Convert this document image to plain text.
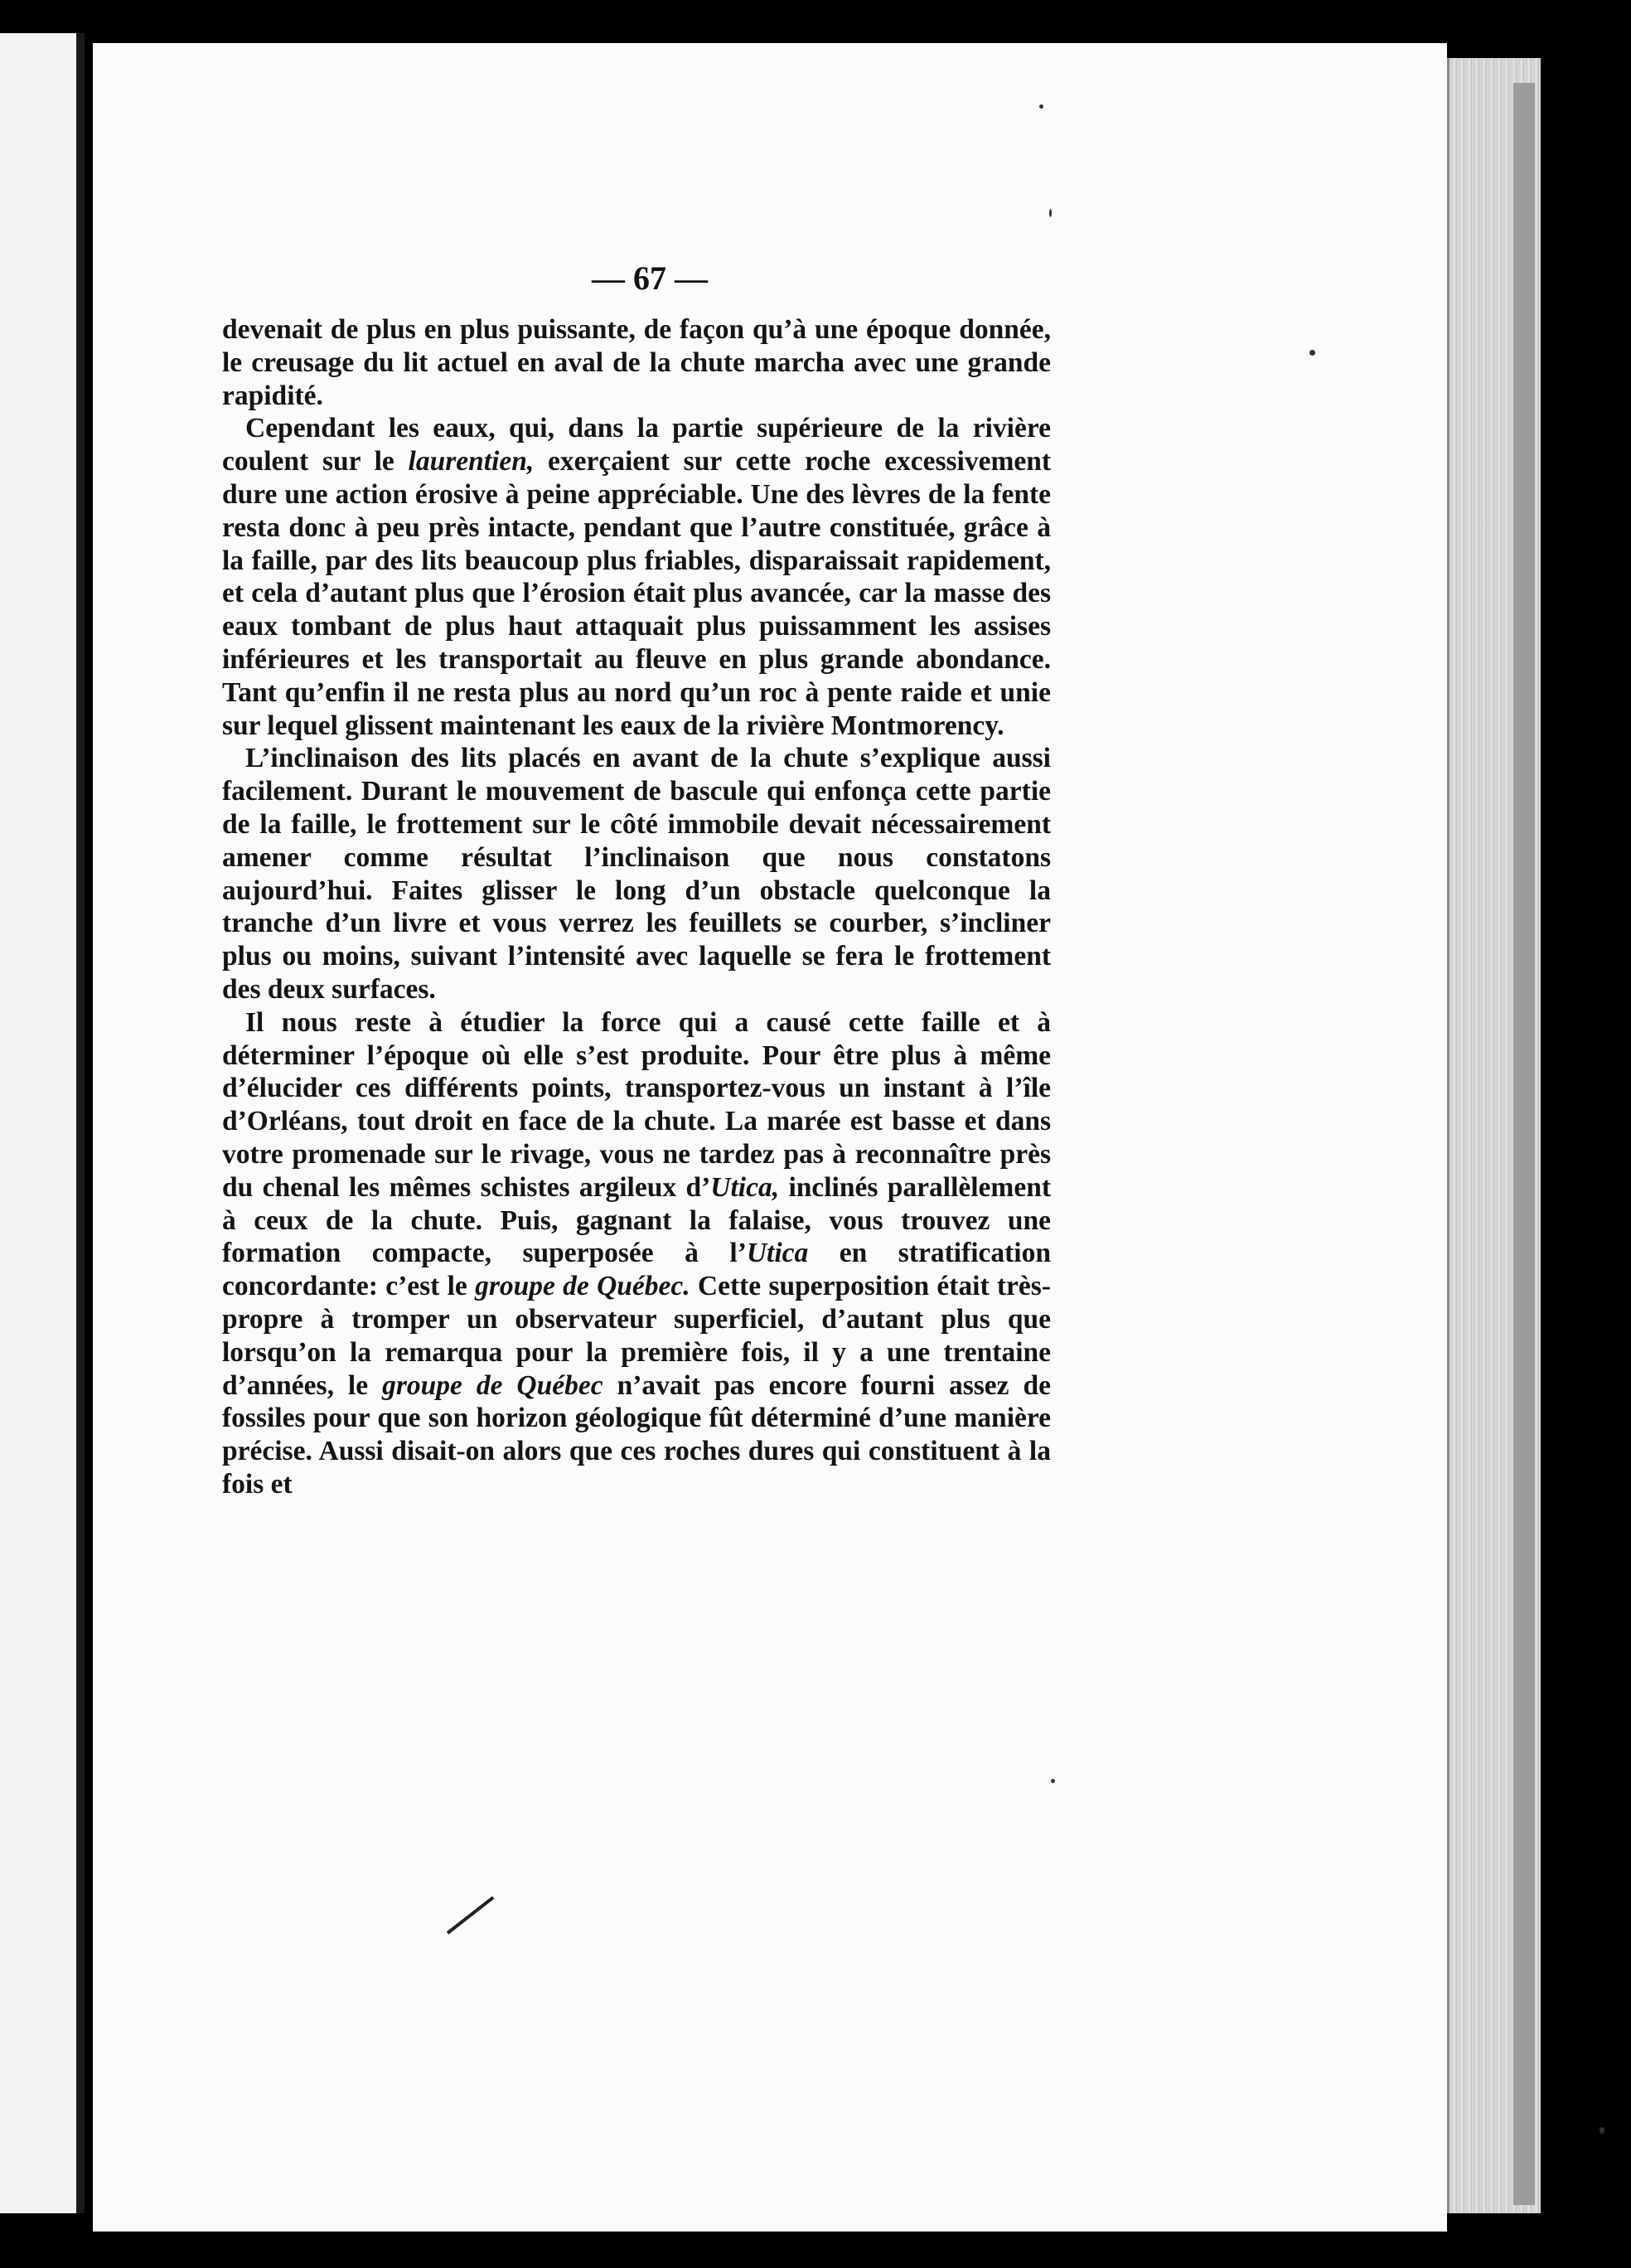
— 67 —

devenait de plus en plus puissante, de façon qu’à une époque donnée, le creusage du lit actuel en aval de la chute marcha avec une grande rapidité.

Cependant les eaux, qui, dans la partie supérieure de la rivière coulent sur le laurentien, exerçaient sur cette roche excessivement dure une action érosive à peine appréciable. Une des lèvres de la fente resta donc à peu près intacte, pendant que l’autre constituée, grâce à la faille, par des lits beaucoup plus friables, disparaissait rapidement, et cela d’autant plus que l’érosion était plus avancée, car la masse des eaux tombant de plus haut attaquait plus puissamment les assises inférieures et les transportait au fleuve en plus grande abondance. Tant qu’enfin il ne resta plus au nord qu’un roc à pente raide et unie sur lequel glissent maintenant les eaux de la rivière Montmorency.

L’inclinaison des lits placés en avant de la chute s’explique aussi facilement. Durant le mouvement de bascule qui enfonça cette partie de la faille, le frottement sur le côté immobile devait nécessairement amener comme résultat l’inclinaison que nous constatons aujourd’hui. Faites glisser le long d’un obstacle quelconque la tranche d’un livre et vous verrez les feuillets se courber, s’incliner plus ou moins, suivant l’intensité avec laquelle se fera le frottement des deux surfaces.

Il nous reste à étudier la force qui a causé cette faille et à déterminer l’époque où elle s’est produite. Pour être plus à même d’élucider ces différents points, transportez-vous un instant à l’île d’Orléans, tout droit en face de la chute. La marée est basse et dans votre promenade sur le rivage, vous ne tardez pas à reconnaître près du chenal les mêmes schistes argileux d’Utica, inclinés parallèlement à ceux de la chute. Puis, gagnant la falaise, vous trouvez une formation compacte, superposée à l’Utica en stratification concordante: c’est le groupe de Québec. Cette superposition était très-propre à tromper un observateur superficiel, d’autant plus que lorsqu’on la remarqua pour la première fois, il y a une trentaine d’années, le groupe de Québec n’avait pas encore fourni assez de fossiles pour que son horizon géologique fût déterminé d’une manière précise. Aussi disait-on alors que ces roches dures qui constituent à la fois et
